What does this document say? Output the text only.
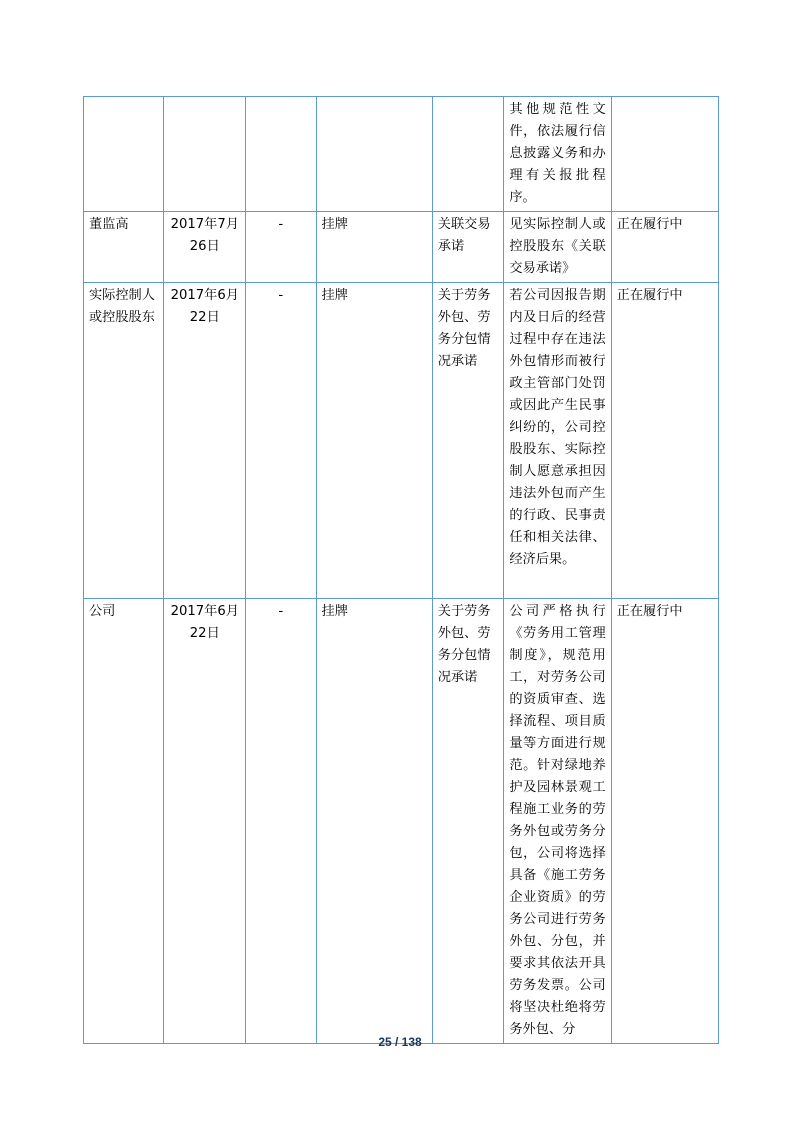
					其他规范性文件，依法履行信息披露义务和办理有关报批程序。	

董监高	2017年7月26日	-	挂牌	关联交易承诺	见实际控制人或控股股东《关联交易承诺》	正在履行中

实际控制人或控股股东	2017年6月22日	-	挂牌	关于劳务外包、劳务分包情况承诺	若公司因报告期内及日后的经营过程中存在违法外包情形而被行政主管部门处罚或因此产生民事纠纷的，公司控股股东、实际控制人愿意承担因违法外包而产生的行政、民事责任和相关法律、经济后果。	正在履行中

公司	2017年6月22日	-	挂牌	关于劳务外包、劳务分包情况承诺	公司严格执行《劳务用工管理制度》，规范用工，对劳务公司的资质审查、选择流程、项目质量等方面进行规范。针对绿地养护及园林景观工程施工业务的劳务外包或劳务分包，公司将选择具备《施工劳务企业资质》的劳务公司进行劳务外包、分包，并要求其依法开具劳务发票。公司将坚决杜绝将劳务外包、分	正在履行中
25 / 138
